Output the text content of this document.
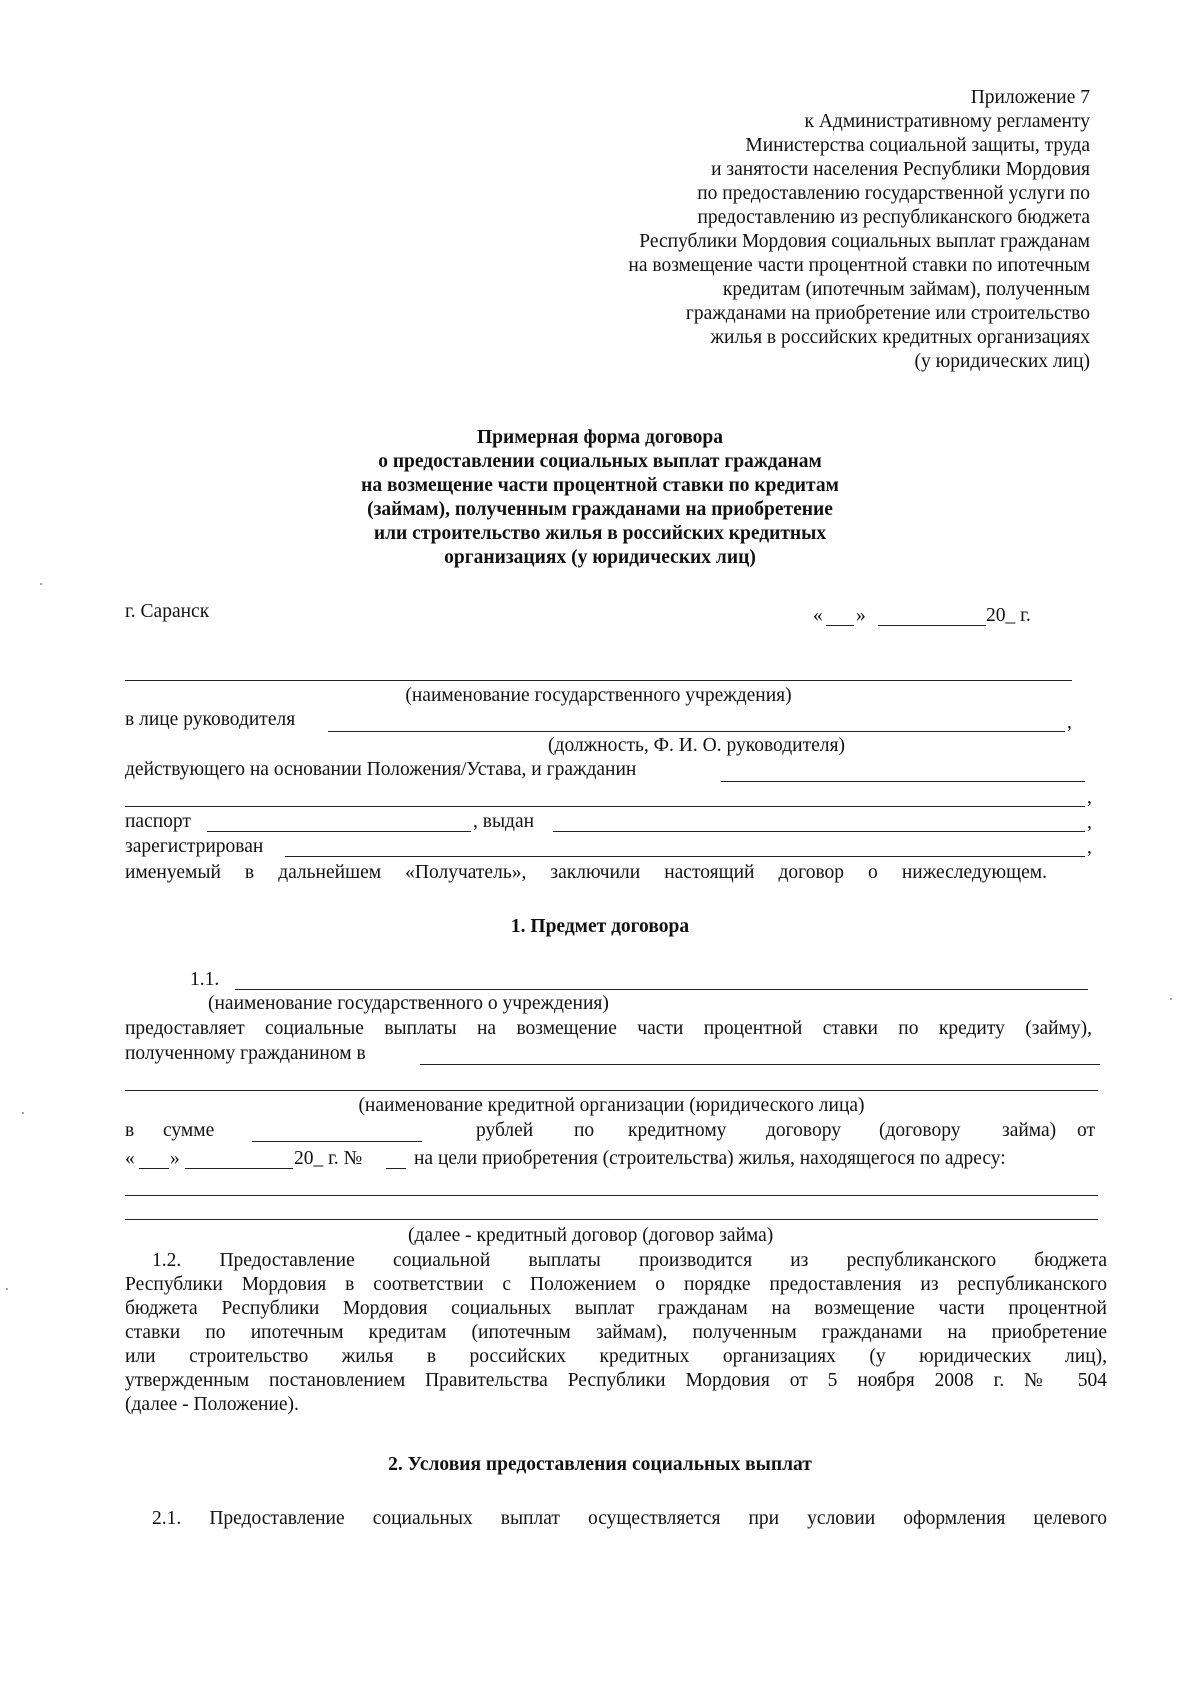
Приложение 7
к Административному регламенту
Министерства социальной защиты, труда
и занятости населения Республики Мордовия
по предоставлению государственной услуги по
предоставлению из республиканского бюджета
Республики Мордовия социальных выплат гражданам
на возмещение части процентной ставки по ипотечным
кредитам (ипотечным займам), полученным
гражданами на приобретение или строительство
жилья в российских кредитных организациях
(у юридических лиц)
Примерная форма договора
о предоставлении социальных выплат гражданам
на возмещение части процентной ставки по кредитам
(займам), полученным гражданами на приобретение
или строительство жилья в российских кредитных
организациях (у юридических лиц)
г. Саранск	« »	20_ г.
(наименование государственного учреждения)
в лице руководителя	,
(должность, Ф. И. О. руководителя)
действующего на основании Положения/Устава, и гражданин
,
паспорт	, выдан	,
зарегистрирован	,
именуемый в дальнейшем «Получатель», заключили настоящий договор о нижеследующем.
1. Предмет договора
1.1.
(наименование государственного о учреждения)
предоставляет социальные выплаты на возмещение части процентной ставки по кредиту (займу),
полученному гражданином в
(наименование кредитной организации (юридического лица)
в сумме	рублей по кредитному договору (договору займа) от
« »	20_ г. №	на цели приобретения (строительства) жилья, находящегося по адресу:
(далее - кредитный договор (договор займа)
1.2. Предоставление социальной выплаты производится из республиканского бюджета
Республики Мордовия в соответствии с Положением о порядке предоставления из республиканского
бюджета Республики Мордовия социальных выплат гражданам на возмещение части процентной
ставки по ипотечным кредитам (ипотечным займам), полученным гражданами на приобретение
или строительство жилья в российских кредитных организациях (у юридических лиц),
утвержденным постановлением Правительства Республики Мордовия от 5 ноября 2008 г. № 504
(далее - Положение).
2. Условия предоставления социальных выплат
2.1. Предоставление социальных выплат осуществляется при условии оформления целевого
